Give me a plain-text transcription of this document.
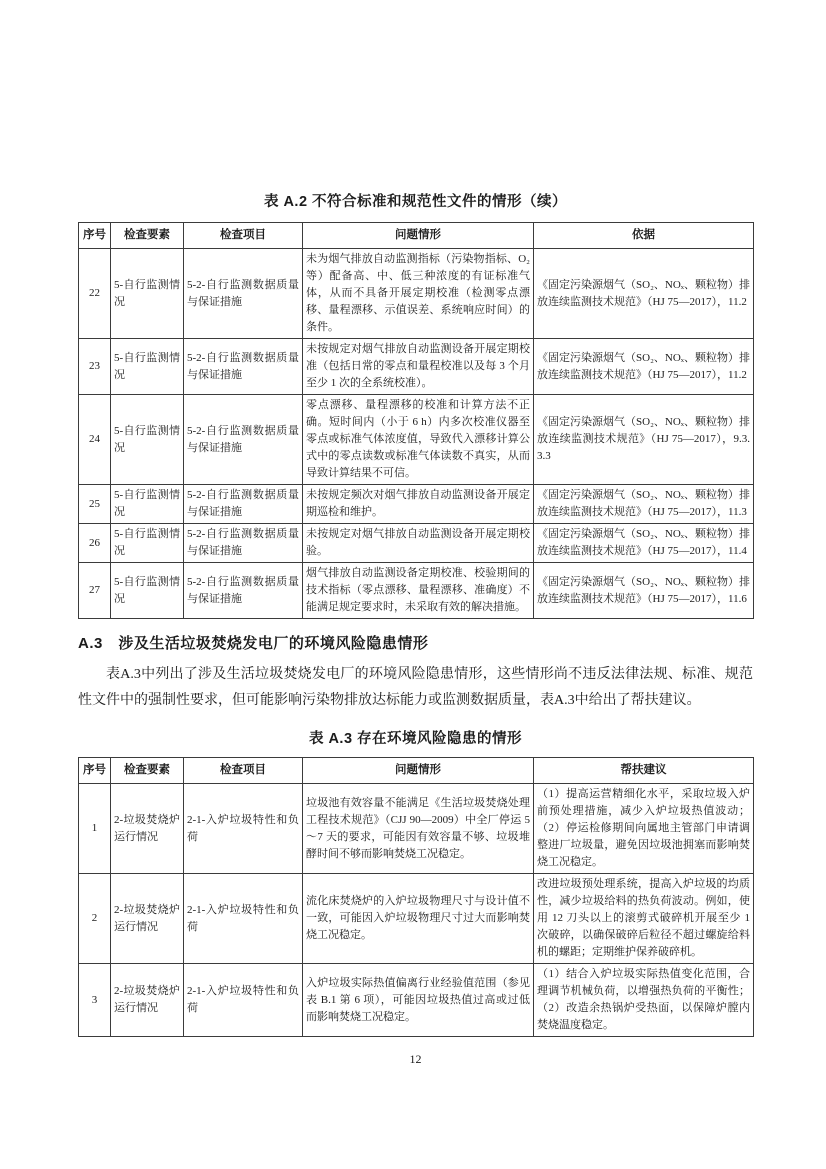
表 A.2 不符合标准和规范性文件的情形（续）

序号	检查要素	检查项目	问题情形	依据
22	5-自行监测情况	5-2-自行监测数据质量与保证措施	未为烟气排放自动监测指标（污染物指标、O₂等）配备高、中、低三种浓度的有证标准气体，从而不具备开展定期校准（检测零点漂移、量程漂移、示值误差、系统响应时间）的条件。	《固定污染源烟气（SO₂、NOₓ、颗粒物）排放连续监测技术规范》（HJ 75—2017），11.2
23	5-自行监测情况	5-2-自行监测数据质量与保证措施	未按规定对烟气排放自动监测设备开展定期校准（包括日常的零点和量程校准以及每 3 个月至少 1 次的全系统校准）。	《固定污染源烟气（SO₂、NOₓ、颗粒物）排放连续监测技术规范》（HJ 75—2017），11.2
24	5-自行监测情况	5-2-自行监测数据质量与保证措施	零点漂移、量程漂移的校准和计算方法不正确。短时间内（小于 6 h）内多次校准仪器至零点或标准气体浓度值，导致代入漂移计算公式中的零点读数或标准气体读数不真实，从而导致计算结果不可信。	《固定污染源烟气（SO₂、NOₓ、颗粒物）排放连续监测技术规范》（HJ 75—2017），9.3.3.3
25	5-自行监测情况	5-2-自行监测数据质量与保证措施	未按规定频次对烟气排放自动监测设备开展定期巡检和维护。	《固定污染源烟气（SO₂、NOₓ、颗粒物）排放连续监测技术规范》（HJ 75—2017），11.3
26	5-自行监测情况	5-2-自行监测数据质量与保证措施	未按规定对烟气排放自动监测设备开展定期校验。	《固定污染源烟气（SO₂、NOₓ、颗粒物）排放连续监测技术规范》（HJ 75—2017），11.4
27	5-自行监测情况	5-2-自行监测数据质量与保证措施	烟气排放自动监测设备定期校准、校验期间的技术指标（零点漂移、量程漂移、准确度）不能满足规定要求时，未采取有效的解决措施。	《固定污染源烟气（SO₂、NOₓ、颗粒物）排放连续监测技术规范》（HJ 75—2017），11.6

A.3　涉及生活垃圾焚烧发电厂的环境风险隐患情形

表A.3中列出了涉及生活垃圾焚烧发电厂的环境风险隐患情形，这些情形尚不违反法律法规、标准、规范性文件中的强制性要求，但可能影响污染物排放达标能力或监测数据质量，表A.3中给出了帮扶建议。

表 A.3 存在环境风险隐患的情形

序号	检查要素	检查项目	问题情形	帮扶建议
1	2-垃圾焚烧炉运行情况	2-1-入炉垃圾特性和负荷	垃圾池有效容量不能满足《生活垃圾焚烧处理工程技术规范》（CJJ 90—2009）中全厂停运 5～7 天的要求，可能因有效容量不够、垃圾堆酵时间不够而影响焚烧工况稳定。	（1）提高运营精细化水平，采取垃圾入炉前预处理措施，减少入炉垃圾热值波动；（2）停运检修期间向属地主管部门申请调整进厂垃圾量，避免因垃圾池拥塞而影响焚烧工况稳定。
2	2-垃圾焚烧炉运行情况	2-1-入炉垃圾特性和负荷	流化床焚烧炉的入炉垃圾物理尺寸与设计值不一致，可能因入炉垃圾物理尺寸过大而影响焚烧工况稳定。	改进垃圾预处理系统，提高入炉垃圾的均质性，减少垃圾给料的热负荷波动。例如，使用 12 刀头以上的滚剪式破碎机开展至少 1 次破碎，以确保破碎后粒径不超过螺旋给料机的螺距；定期维护保养破碎机。
3	2-垃圾焚烧炉运行情况	2-1-入炉垃圾特性和负荷	入炉垃圾实际热值偏离行业经验值范围（参见表 B.1 第 6 项），可能因垃圾热值过高或过低而影响焚烧工况稳定。	（1）结合入炉垃圾实际热值变化范围，合理调节机械负荷，以增强热负荷的平衡性；（2）改造余热锅炉受热面，以保障炉膛内焚烧温度稳定。

12
